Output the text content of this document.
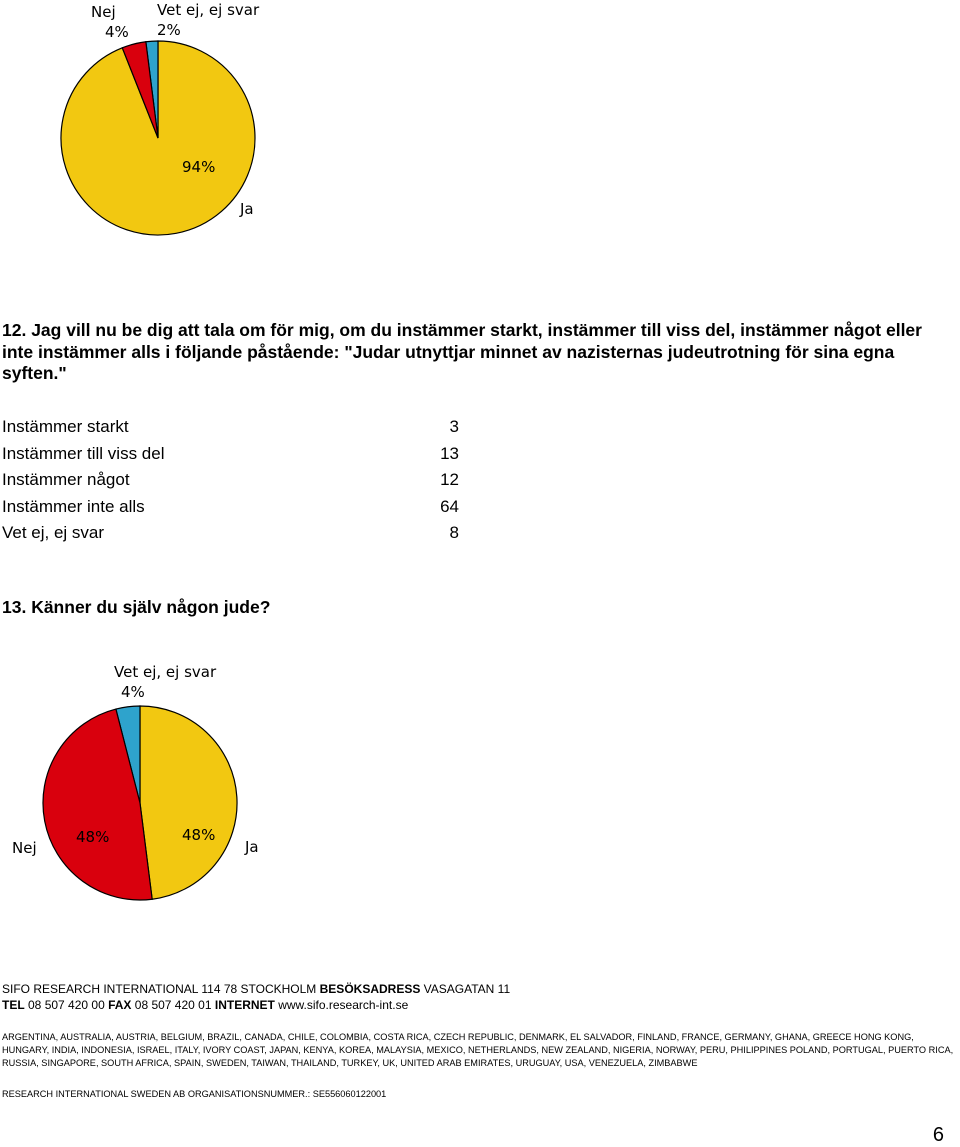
Nej
4%
Vet ej, ej svar
2%
94%
Ja

12. Jag vill nu be dig att tala om för mig, om du instämmer starkt, instämmer till viss del, instämmer något eller inte instämmer alls i följande påstående: "Judar utnyttjar minnet av nazisternas judeutrotning för sina egna syften."

Instämmer starkt	3
Instämmer till viss del	13
Instämmer något	12
Instämmer inte alls	64
Vet ej, ej svar	8

13. Känner du själv någon jude?

Vet ej, ej svar
4%
Nej
48%	48%
Ja
SIFO RESEARCH INTERNATIONAL 114 78 STOCKHOLM BESÖKSADRESS VASAGATAN 11
TEL 08 507 420 00 FAX 08 507 420 01 INTERNET www.sifo.research-int.se
ARGENTINA, AUSTRALIA, AUSTRIA, BELGIUM, BRAZIL, CANADA, CHILE, COLOMBIA, COSTA RICA, CZECH REPUBLIC, DENMARK, EL SALVADOR, FINLAND, FRANCE, GERMANY, GHANA, GREECE HONG KONG, HUNGARY, INDIA, INDONESIA, ISRAEL, ITALY, IVORY COAST, JAPAN, KENYA, KOREA, MALAYSIA, MEXICO, NETHERLANDS, NEW ZEALAND, NIGERIA, NORWAY, PERU, PHILIPPINES POLAND, PORTUGAL, PUERTO RICA, RUSSIA, SINGAPORE, SOUTH AFRICA, SPAIN, SWEDEN, TAIWAN, THAILAND, TURKEY, UK, UNITED ARAB EMIRATES, URUGUAY, USA, VENEZUELA, ZIMBABWE
RESEARCH INTERNATIONAL SWEDEN AB ORGANISATIONSNUMMER.: SE556060122001
6
